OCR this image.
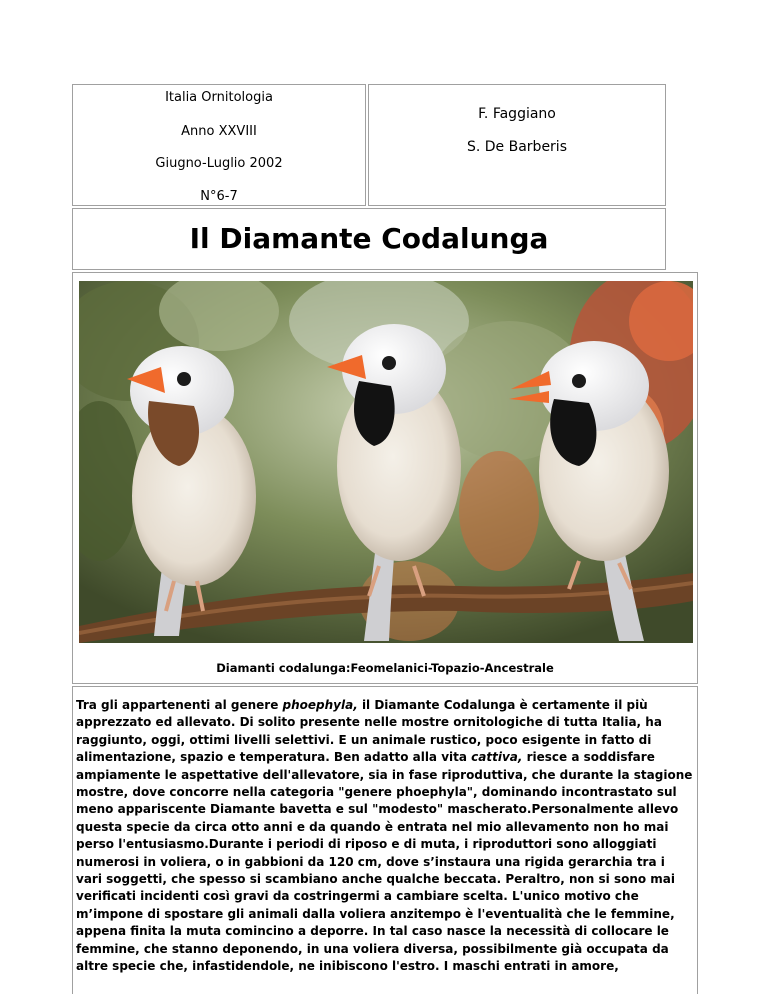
Italia Ornitologia
Anno XXVIII
Giugno-Luglio 2002
N°6-7
F. Faggiano
S. De Barberis
Il Diamante Codalunga
Diamanti codalunga:Feomelanici-Topazio-Ancestrale

Tra gli appartenenti al genere phoephyla, il Diamante Codalunga è certamente il più apprezzato ed allevato. Di solito presente nelle mostre ornitologiche di tutta Italia, ha raggiunto, oggi, ottimi livelli selettivi. E un animale rustico, poco esigente in fatto di alimentazione, spazio e temperatura. Ben adatto alla vita cattiva, riesce a soddisfare ampiamente le aspettative dell'allevatore, sia in fase riproduttiva, che durante la stagione mostre, dove concorre nella categoria "genere phoephyla", dominando incontrastato sul meno appariscente Diamante bavetta e sul "modesto" mascherato.Personalmente allevo questa specie da circa otto anni e da quando è entrata nel mio allevamento non ho mai perso l'entusiasmo.Durante i periodi di riposo e di muta, i riproduttori sono alloggiati numerosi in voliera, o in gabbioni da 120 cm, dove s’instaura una rigida gerarchia tra i vari soggetti, che spesso si scambiano anche qualche beccata. Peraltro, non si sono mai verificati incidenti così gravi da costringermi a cambiare scelta. L'unico motivo che m’impone di spostare gli animali dalla voliera anzitempo è l'eventualità che le femmine, appena finita la muta comincino a deporre. In tal caso nasce la necessità di collocare le femmine, che stanno deponendo, in una voliera diversa, possibilmente già occupata da altre specie che, infastidendole, ne inibiscono l'estro. I maschi entrati in amore,
